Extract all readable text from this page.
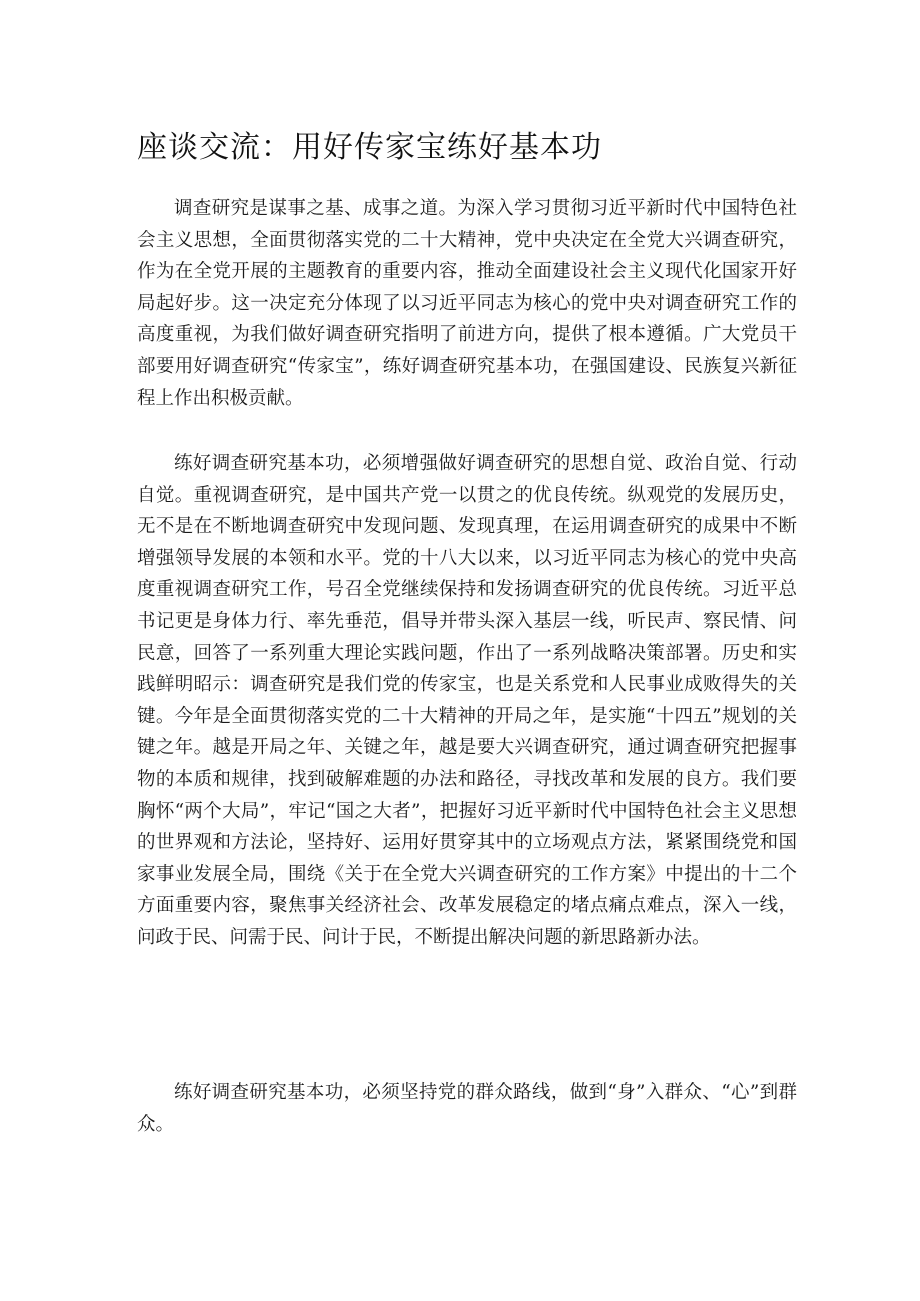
座谈交流：用好传家宝练好基本功

调查研究是谋事之基、成事之道。为深入学习贯彻习近平新时代中国特色社会主义思想，全面贯彻落实党的二十大精神，党中央决定在全党大兴调查研究，作为在全党开展的主题教育的重要内容，推动全面建设社会主义现代化国家开好局起好步。这一决定充分体现了以习近平同志为核心的党中央对调查研究工作的高度重视，为我们做好调查研究指明了前进方向，提供了根本遵循。广大党员干部要用好调查研究“传家宝”，练好调查研究基本功，在强国建设、民族复兴新征程上作出积极贡献。

练好调查研究基本功，必须增强做好调查研究的思想自觉、政治自觉、行动自觉。重视调查研究，是中国共产党一以贯之的优良传统。纵观党的发展历史，无不是在不断地调查研究中发现问题、发现真理，在运用调查研究的成果中不断增强领导发展的本领和水平。党的十八大以来，以习近平同志为核心的党中央高度重视调查研究工作，号召全党继续保持和发扬调查研究的优良传统。习近平总书记更是身体力行、率先垂范，倡导并带头深入基层一线，听民声、察民情、问民意，回答了一系列重大理论实践问题，作出了一系列战略决策部署。历史和实践鲜明昭示：调查研究是我们党的传家宝，也是关系党和人民事业成败得失的关键。今年是全面贯彻落实党的二十大精神的开局之年，是实施“十四五”规划的关键之年。越是开局之年、关键之年，越是要大兴调查研究，通过调查研究把握事物的本质和规律，找到破解难题的办法和路径，寻找改革和发展的良方。我们要胸怀“两个大局”，牢记“国之大者”，把握好习近平新时代中国特色社会主义思想的世界观和方法论，坚持好、运用好贯穿其中的立场观点方法，紧紧围绕党和国家事业发展全局，围绕《关于在全党大兴调查研究的工作方案》中提出的十二个方面重要内容，聚焦事关经济社会、改革发展稳定的堵点痛点难点，深入一线，问政于民、问需于民、问计于民，不断提出解决问题的新思路新办法。

练好调查研究基本功，必须坚持党的群众路线，做到“身”入群众、“心”到群众。
